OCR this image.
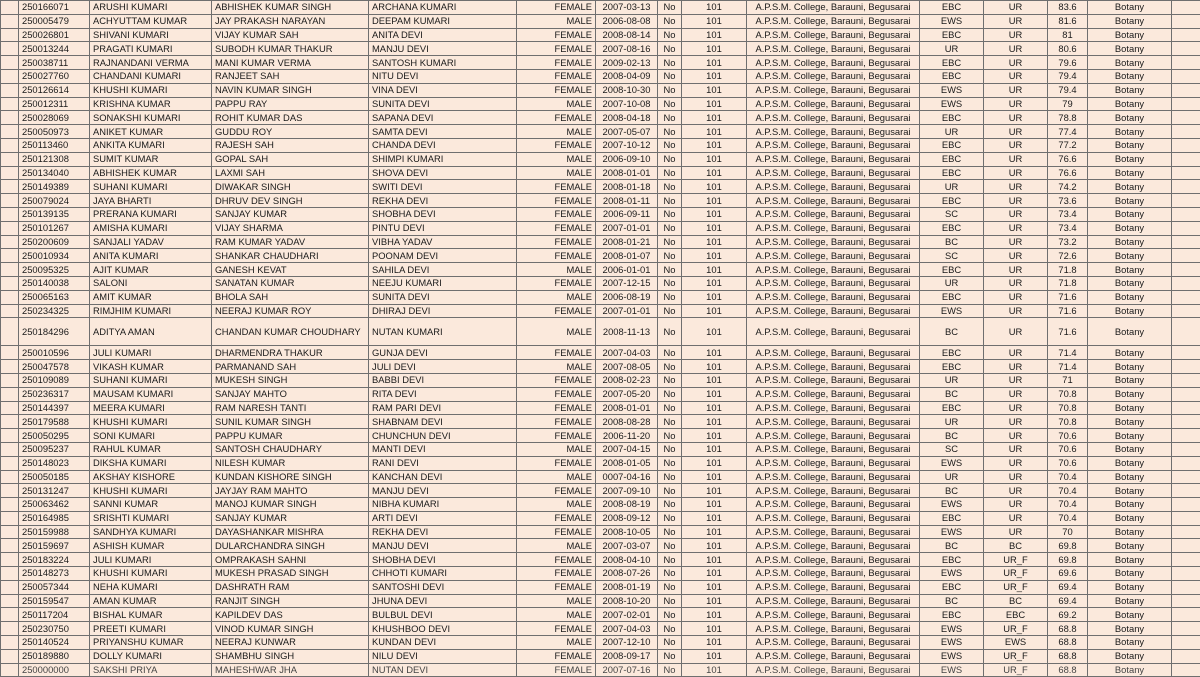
	250166071	ARUSHI KUMARI	ABHISHEK KUMAR SINGH	ARCHANA KUMARI	FEMALE	2007-03-13	No	101	A.P.S.M. College, Barauni, Begusarai	EBC	UR	83.6	Botany	
	250005479	ACHYUTTAM KUMAR	JAY PRAKASH NARAYAN	DEEPAM KUMARI	MALE	2006-08-08	No	101	A.P.S.M. College, Barauni, Begusarai	EWS	UR	81.6	Botany	
	250026801	SHIVANI KUMARI	VIJAY KUMAR SAH	ANITA DEVI	FEMALE	2008-08-14	No	101	A.P.S.M. College, Barauni, Begusarai	EBC	UR	81	Botany	
	250013244	PRAGATI KUMARI	SUBODH KUMAR THAKUR	MANJU DEVI	FEMALE	2007-08-16	No	101	A.P.S.M. College, Barauni, Begusarai	UR	UR	80.6	Botany	
	250038711	RAJNANDANI VERMA	MANI KUMAR VERMA	SANTOSH KUMARI	FEMALE	2009-02-13	No	101	A.P.S.M. College, Barauni, Begusarai	EBC	UR	79.6	Botany	
	250027760	CHANDANI KUMARI	RANJEET SAH	NITU DEVI	FEMALE	2008-04-09	No	101	A.P.S.M. College, Barauni, Begusarai	EBC	UR	79.4	Botany	
	250126614	KHUSHI KUMARI	NAVIN KUMAR SINGH	VINA DEVI	FEMALE	2008-10-30	No	101	A.P.S.M. College, Barauni, Begusarai	EWS	UR	79.4	Botany	
	250012311	KRISHNA KUMAR	PAPPU RAY	SUNITA DEVI	MALE	2007-10-08	No	101	A.P.S.M. College, Barauni, Begusarai	EWS	UR	79	Botany	
	250028069	SONAKSHI KUMARI	ROHIT KUMAR DAS	SAPANA DEVI	FEMALE	2008-04-18	No	101	A.P.S.M. College, Barauni, Begusarai	EBC	UR	78.8	Botany	
	250050973	ANIKET KUMAR	GUDDU ROY	SAMTA DEVI	MALE	2007-05-07	No	101	A.P.S.M. College, Barauni, Begusarai	UR	UR	77.4	Botany	
	250113460	ANKITA KUMARI	RAJESH SAH	CHANDA DEVI	FEMALE	2007-10-12	No	101	A.P.S.M. College, Barauni, Begusarai	EBC	UR	77.2	Botany	
	250121308	SUMIT KUMAR	GOPAL SAH	SHIMPI KUMARI	MALE	2006-09-10	No	101	A.P.S.M. College, Barauni, Begusarai	EBC	UR	76.6	Botany	
	250134040	ABHISHEK KUMAR	LAXMI SAH	SHOVA DEVI	MALE	2008-01-01	No	101	A.P.S.M. College, Barauni, Begusarai	EBC	UR	76.6	Botany	
	250149389	SUHANI KUMARI	DIWAKAR SINGH	SWITI DEVI	FEMALE	2008-01-18	No	101	A.P.S.M. College, Barauni, Begusarai	UR	UR	74.2	Botany	
	250079024	JAYA BHARTI	DHRUV DEV SINGH	REKHA DEVI	FEMALE	2008-01-11	No	101	A.P.S.M. College, Barauni, Begusarai	EBC	UR	73.6	Botany	
	250139135	PRERANA KUMARI	SANJAY KUMAR	SHOBHA DEVI	FEMALE	2006-09-11	No	101	A.P.S.M. College, Barauni, Begusarai	SC	UR	73.4	Botany	
	250101267	AMISHA KUMARI	VIJAY SHARMA	PINTU DEVI	FEMALE	2007-01-01	No	101	A.P.S.M. College, Barauni, Begusarai	EBC	UR	73.4	Botany	
	250200609	SANJALI YADAV	RAM KUMAR YADAV	VIBHA YADAV	FEMALE	2008-01-21	No	101	A.P.S.M. College, Barauni, Begusarai	BC	UR	73.2	Botany	
	250010934	ANITA KUMARI	SHANKAR CHAUDHARI	POONAM DEVI	FEMALE	2008-01-07	No	101	A.P.S.M. College, Barauni, Begusarai	SC	UR	72.6	Botany	
	250095325	AJIT KUMAR	GANESH KEVAT	SAHILA DEVI	MALE	2006-01-01	No	101	A.P.S.M. College, Barauni, Begusarai	EBC	UR	71.8	Botany	
	250140038	SALONI	SANATAN KUMAR	NEEJU KUMARI	FEMALE	2007-12-15	No	101	A.P.S.M. College, Barauni, Begusarai	UR	UR	71.8	Botany	
	250065163	AMIT KUMAR	BHOLA SAH	SUNITA DEVI	MALE	2006-08-19	No	101	A.P.S.M. College, Barauni, Begusarai	EBC	UR	71.6	Botany	
	250234325	RIMJHIM KUMARI	NEERAJ KUMAR ROY	DHIRAJ DEVI	FEMALE	2007-01-01	No	101	A.P.S.M. College, Barauni, Begusarai	EWS	UR	71.6	Botany	
	250184296	ADITYA AMAN	CHANDAN KUMAR CHOUDHARY	NUTAN KUMARI	MALE	2008-11-13	No	101	A.P.S.M. College, Barauni, Begusarai	BC	UR	71.6	Botany	
	250010596	JULI KUMARI	DHARMENDRA THAKUR	GUNJA DEVI	FEMALE	2007-04-03	No	101	A.P.S.M. College, Barauni, Begusarai	EBC	UR	71.4	Botany	
	250047578	VIKASH KUMAR	PARMANAND SAH	JULI DEVI	MALE	2007-08-05	No	101	A.P.S.M. College, Barauni, Begusarai	EBC	UR	71.4	Botany	
	250109089	SUHANI KUMARI	MUKESH SINGH	BABBI DEVI	FEMALE	2008-02-23	No	101	A.P.S.M. College, Barauni, Begusarai	UR	UR	71	Botany	
	250236317	MAUSAM KUMARI	SANJAY MAHTO	RITA DEVI	FEMALE	2007-05-20	No	101	A.P.S.M. College, Barauni, Begusarai	BC	UR	70.8	Botany	
	250144397	MEERA KUMARI	RAM NARESH TANTI	RAM PARI DEVI	FEMALE	2008-01-01	No	101	A.P.S.M. College, Barauni, Begusarai	EBC	UR	70.8	Botany	
	250179588	KHUSHI KUMARI	SUNIL KUMAR SINGH	SHABNAM DEVI	FEMALE	2008-08-28	No	101	A.P.S.M. College, Barauni, Begusarai	UR	UR	70.8	Botany	
	250050295	SONI KUMARI	PAPPU KUMAR	CHUNCHUN DEVI	FEMALE	2006-11-20	No	101	A.P.S.M. College, Barauni, Begusarai	BC	UR	70.6	Botany	
	250095237	RAHUL KUMAR	SANTOSH CHAUDHARY	MANTI DEVI	MALE	2007-04-15	No	101	A.P.S.M. College, Barauni, Begusarai	SC	UR	70.6	Botany	
	250148023	DIKSHA KUMARI	NILESH KUMAR	RANI DEVI	FEMALE	2008-01-05	No	101	A.P.S.M. College, Barauni, Begusarai	EWS	UR	70.6	Botany	
	250050185	AKSHAY KISHORE	KUNDAN KISHORE SINGH	KANCHAN DEVI	MALE	0007-04-16	No	101	A.P.S.M. College, Barauni, Begusarai	UR	UR	70.4	Botany	
	250131247	KHUSHI KUMARI	JAYJAY RAM MAHTO	MANJU DEVI	FEMALE	2007-09-10	No	101	A.P.S.M. College, Barauni, Begusarai	BC	UR	70.4	Botany	
	250063462	SANNI KUMAR	MANOJ KUMAR SINGH	NIBHA KUMARI	MALE	2008-08-19	No	101	A.P.S.M. College, Barauni, Begusarai	EWS	UR	70.4	Botany	
	250164985	SRISHTI KUMARI	SANJAY KUMAR	ARTI DEVI	FEMALE	2008-09-12	No	101	A.P.S.M. College, Barauni, Begusarai	EBC	UR	70.4	Botany	
	250159988	SANDHYA KUMARI	DAYASHANKAR MISHRA	REKHA DEVI	FEMALE	2008-10-05	No	101	A.P.S.M. College, Barauni, Begusarai	EWS	UR	70	Botany	
	250159697	ASHISH KUMAR	DULARCHANDRA SINGH	MANJU DEVI	MALE	2007-03-07	No	101	A.P.S.M. College, Barauni, Begusarai	BC	BC	69.8	Botany	
	250183224	JULI KUMARI	OMPRAKASH SAHNI	SHOBHA DEVI	FEMALE	2008-04-10	No	101	A.P.S.M. College, Barauni, Begusarai	EBC	UR_F	69.8	Botany	
	250148273	KHUSHI KUMARI	MUKESH PRASAD SINGH	CHHOTI KUMARI	FEMALE	2008-07-26	No	101	A.P.S.M. College, Barauni, Begusarai	EWS	UR_F	69.6	Botany	
	250057344	NEHA KUMARI	DASHRATH RAM	SANTOSHI DEVI	FEMALE	2008-01-19	No	101	A.P.S.M. College, Barauni, Begusarai	EBC	UR_F	69.4	Botany	
	250159547	AMAN KUMAR	RANJIT SINGH	JHUNA DEVI	MALE	2008-10-20	No	101	A.P.S.M. College, Barauni, Begusarai	BC	BC	69.4	Botany	
	250117204	BISHAL KUMAR	KAPILDEV DAS	BULBUL DEVI	MALE	2007-02-01	No	101	A.P.S.M. College, Barauni, Begusarai	EBC	EBC	69.2	Botany	
	250230750	PREETI KUMARI	VINOD KUMAR SINGH	KHUSHBOO DEVI	FEMALE	2007-04-03	No	101	A.P.S.M. College, Barauni, Begusarai	EWS	UR_F	68.8	Botany	
	250140524	PRIYANSHU KUMAR	NEERAJ KUNWAR	KUNDAN DEVI	MALE	2007-12-10	No	101	A.P.S.M. College, Barauni, Begusarai	EWS	EWS	68.8	Botany	
	250189880	DOLLY KUMARI	SHAMBHU SINGH	NILU DEVI	FEMALE	2008-09-17	No	101	A.P.S.M. College, Barauni, Begusarai	EWS	UR_F	68.8	Botany	
	250000000	SAKSHI PRIYA	MAHESHWAR JHA	NUTAN DEVI	FEMALE	2007-07-16	No	101	A.P.S.M. College, Barauni, Begusarai	EWS	UR_F	68.8	Botany	
